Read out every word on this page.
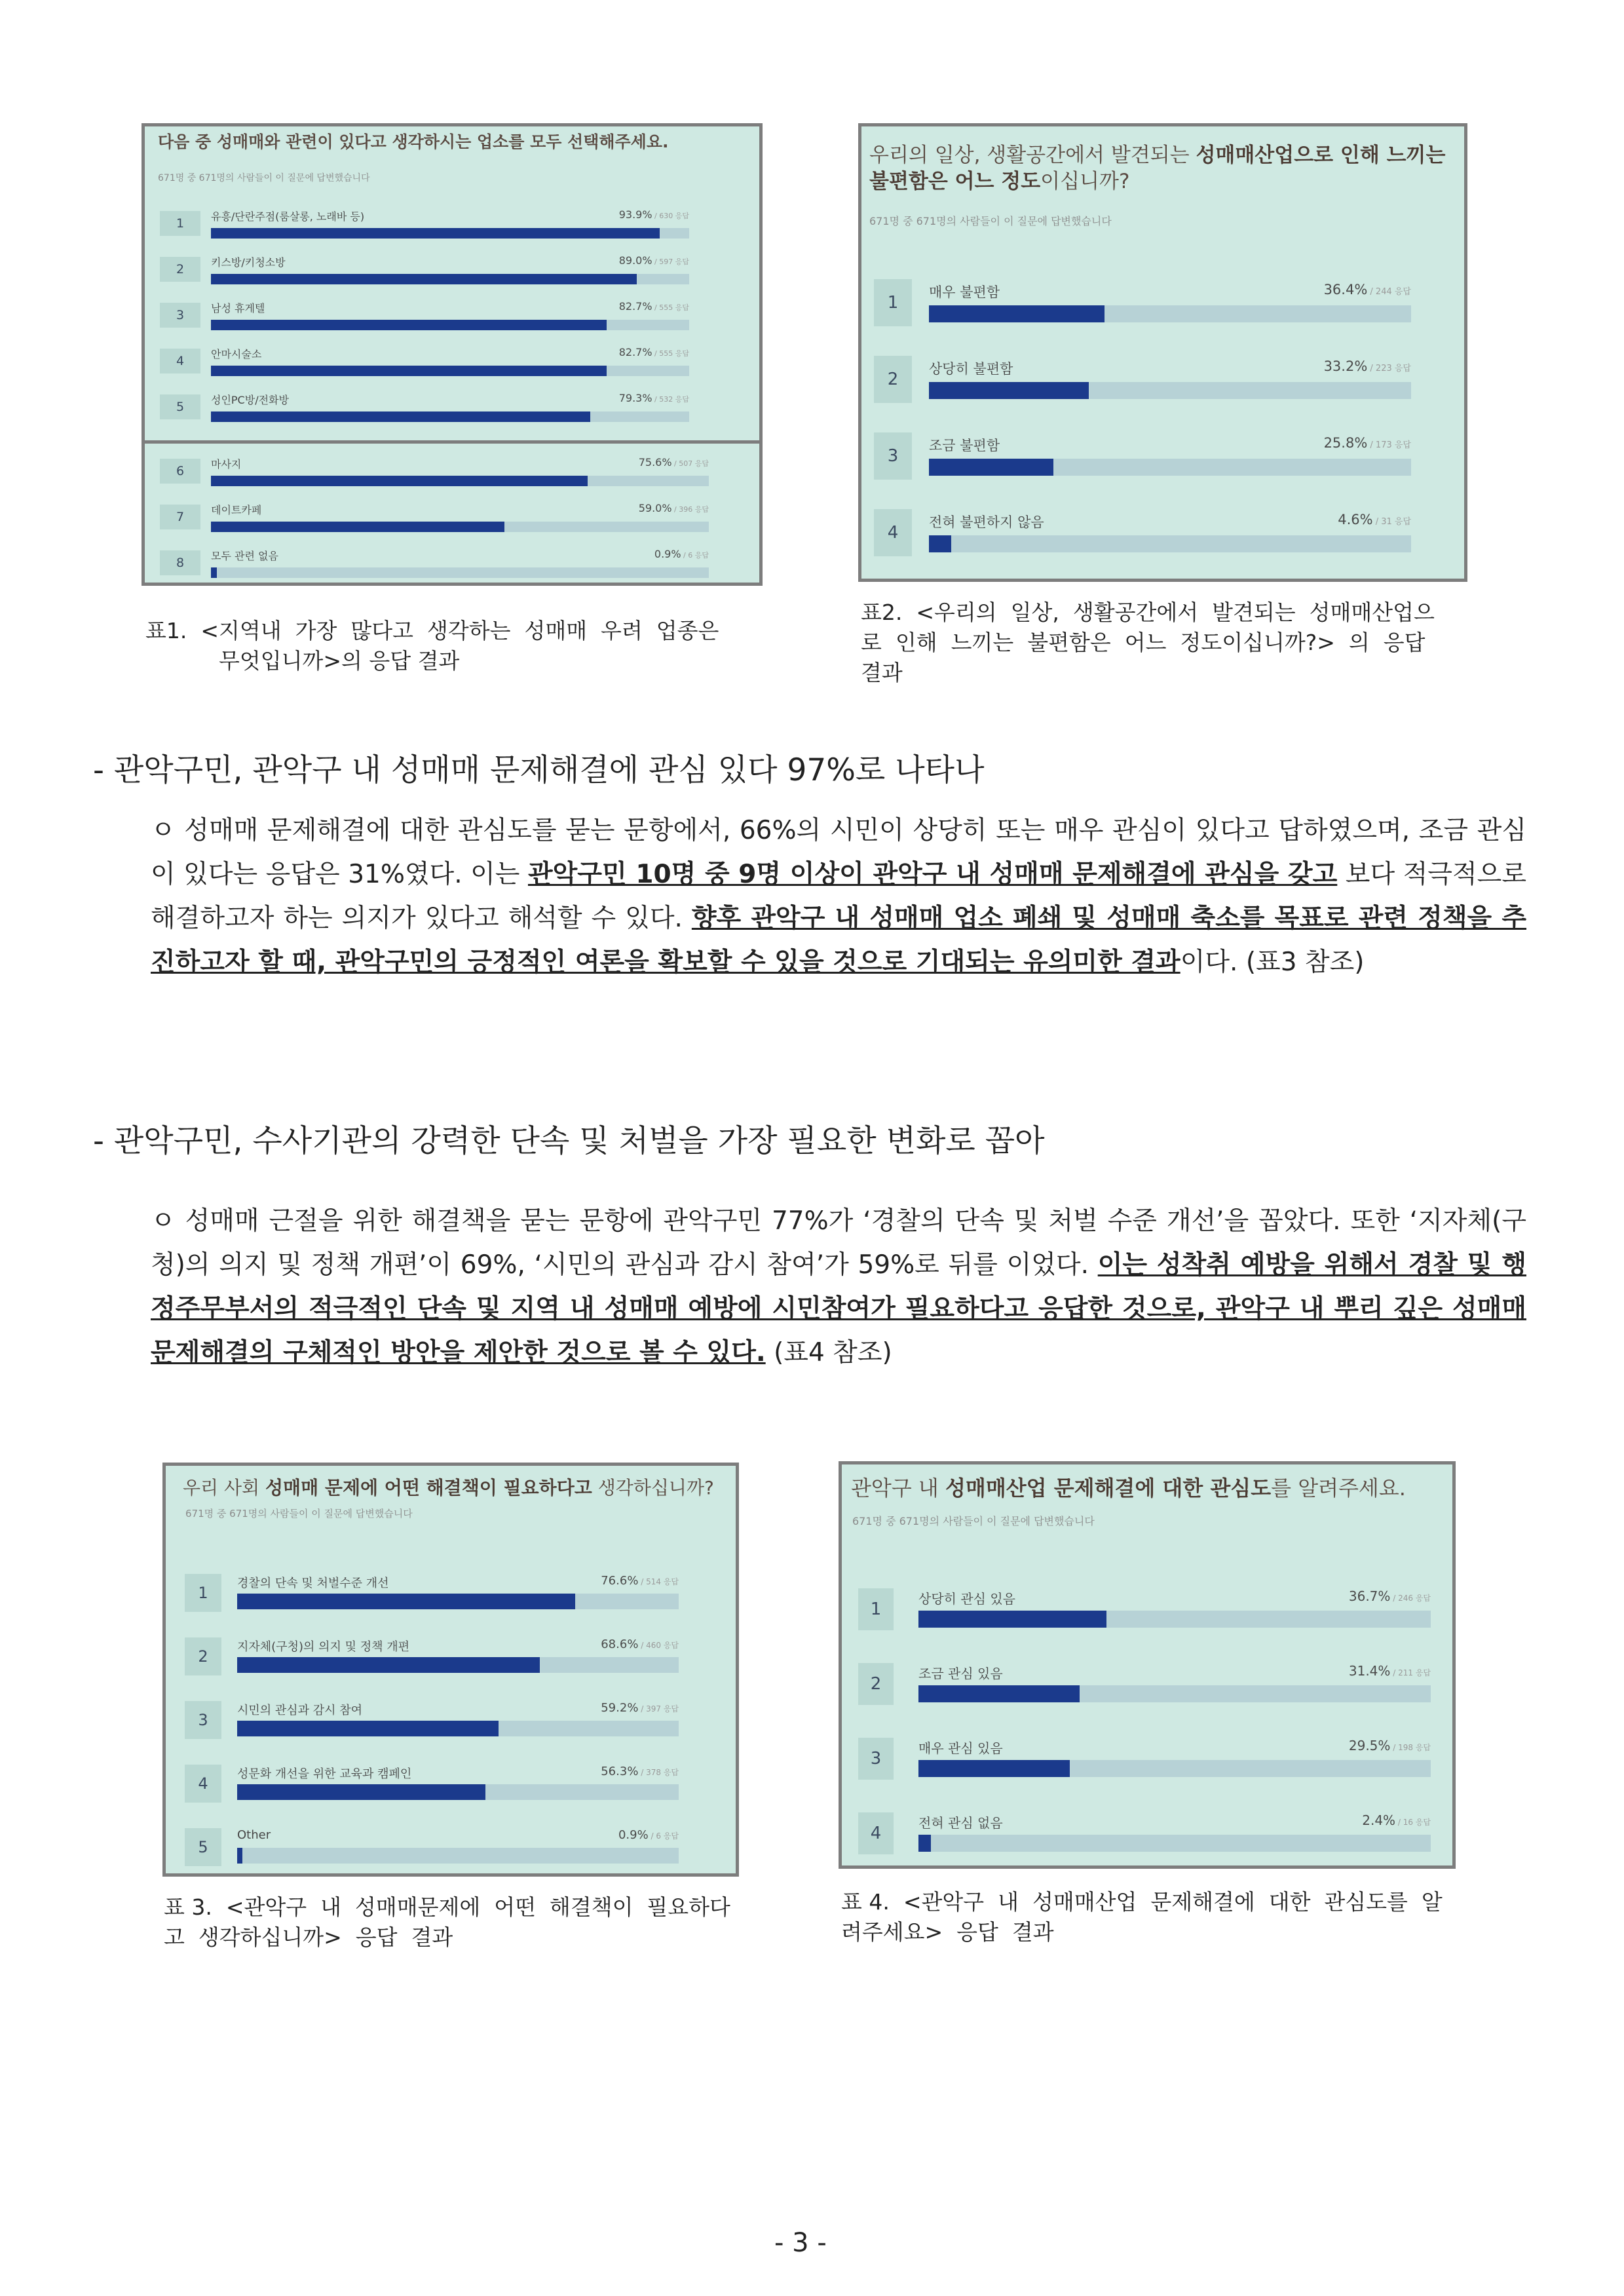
다음 중 성매매와 관련이 있다고 생각하시는 업소를 모두 선택해주세요.
671명 중 671명의 사람들이 이 질문에 답변했습니다
1	유흥/단란주점(룸살롱, 노래바 등)	93.9% / 630 응답
2	키스방/키청소방	89.0% / 597 응답
3	남성 휴게텔	82.7% / 555 응답
4	안마시술소	82.7% / 555 응답
5	성인PC방/전화방	79.3% / 532 응답
6	마사지	75.6% / 507 응답
7	데이트카페	59.0% / 396 응답
8	모두 관련 없음	0.9% / 6 응답
우리의 일상, 생활공간에서 발견되는 성매매산업으로 인해 느끼는 불편함은 어느 정도이십니까?
671명 중 671명의 사람들이 이 질문에 답변했습니다
1
매우 불편함	36.4% / 244 응답
2
상당히 불편함	33.2% / 223 응답
3
조금 불편함	25.8% / 173 응답
4
전혀 불편하지 않음	4.6% / 31 응답
표1.  <지역내  가장  많다고  생각하는  성매매  우려  업종은
무엇입니까>의 응답 결과
표2.  <우리의  일상,  생활공간에서  발견되는  성매매산업으
로  인해  느끼는  불편함은  어느  정도이십니까?>  의  응답
결과
- 관악구민, 관악구 내 성매매 문제해결에 관심 있다 97%로 나타나
ㅇ 성매매 문제해결에 대한 관심도를 묻는 문항에서, 66%의 시민이 상당히 또는 매우 관심이 있다고 답하였으며, 조금 관심이 있다는 응답은 31%였다. 이는 관악구민 10명 중 9명 이상이 관악구 내 성매매 문제해결에 관심을 갖고 보다 적극적으로 해결하고자 하는 의지가 있다고 해석할 수 있다. 향후 관악구 내 성매매 업소 폐쇄 및 성매매 축소를 목표로 관련 정책을 추진하고자 할 때, 관악구민의 긍정적인 여론을 확보할 수 있을 것으로 기대되는 유의미한 결과이다. (표3 참조)
- 관악구민, 수사기관의 강력한 단속 및 처벌을 가장 필요한 변화로 꼽아
ㅇ 성매매 근절을 위한 해결책을 묻는 문항에 관악구민 77%가 ‘경찰의 단속 및 처벌 수준 개선’을 꼽았다. 또한 ‘지자체(구청)의 의지 및 정책 개편’이 69%, ‘시민의 관심과 감시 참여’가 59%로 뒤를 이었다. 이는 성착취 예방을 위해서 경찰 및 행정주무부서의 적극적인 단속 및 지역 내 성매매 예방에 시민참여가 필요하다고 응답한 것으로, 관악구 내 뿌리 깊은 성매매 문제해결의 구체적인 방안을 제안한 것으로 볼 수 있다. (표4 참조)
우리 사회 성매매 문제에 어떤 해결책이 필요하다고 생각하십니까?
671명 중 671명의 사람들이 이 질문에 답변했습니다
1
경찰의 단속 및 처벌수준 개선	76.6% / 514 응답
2
지자체(구청)의 의지 및 정책 개편	68.6% / 460 응답
3
시민의 관심과 감시 참여	59.2% / 397 응답
4
성문화 개선을 위한 교육과 캠페인	56.3% / 378 응답
5
Other	0.9% / 6 응답
관악구 내 성매매산업 문제해결에 대한 관심도를 알려주세요.
671명 중 671명의 사람들이 이 질문에 답변했습니다
1
상당히 관심 있음	36.7% / 246 응답
2
조금 관심 있음	31.4% / 211 응답
3
매우 관심 있음	29.5% / 198 응답
4
전혀 관심 없음	2.4% / 16 응답
표 3.  <관악구  내  성매매문제에  어떤  해결책이  필요하다
고  생각하십니까>  응답  결과
표 4.  <관악구  내  성매매산업  문제해결에  대한  관심도를  알
려주세요>  응답  결과
- 3 -
